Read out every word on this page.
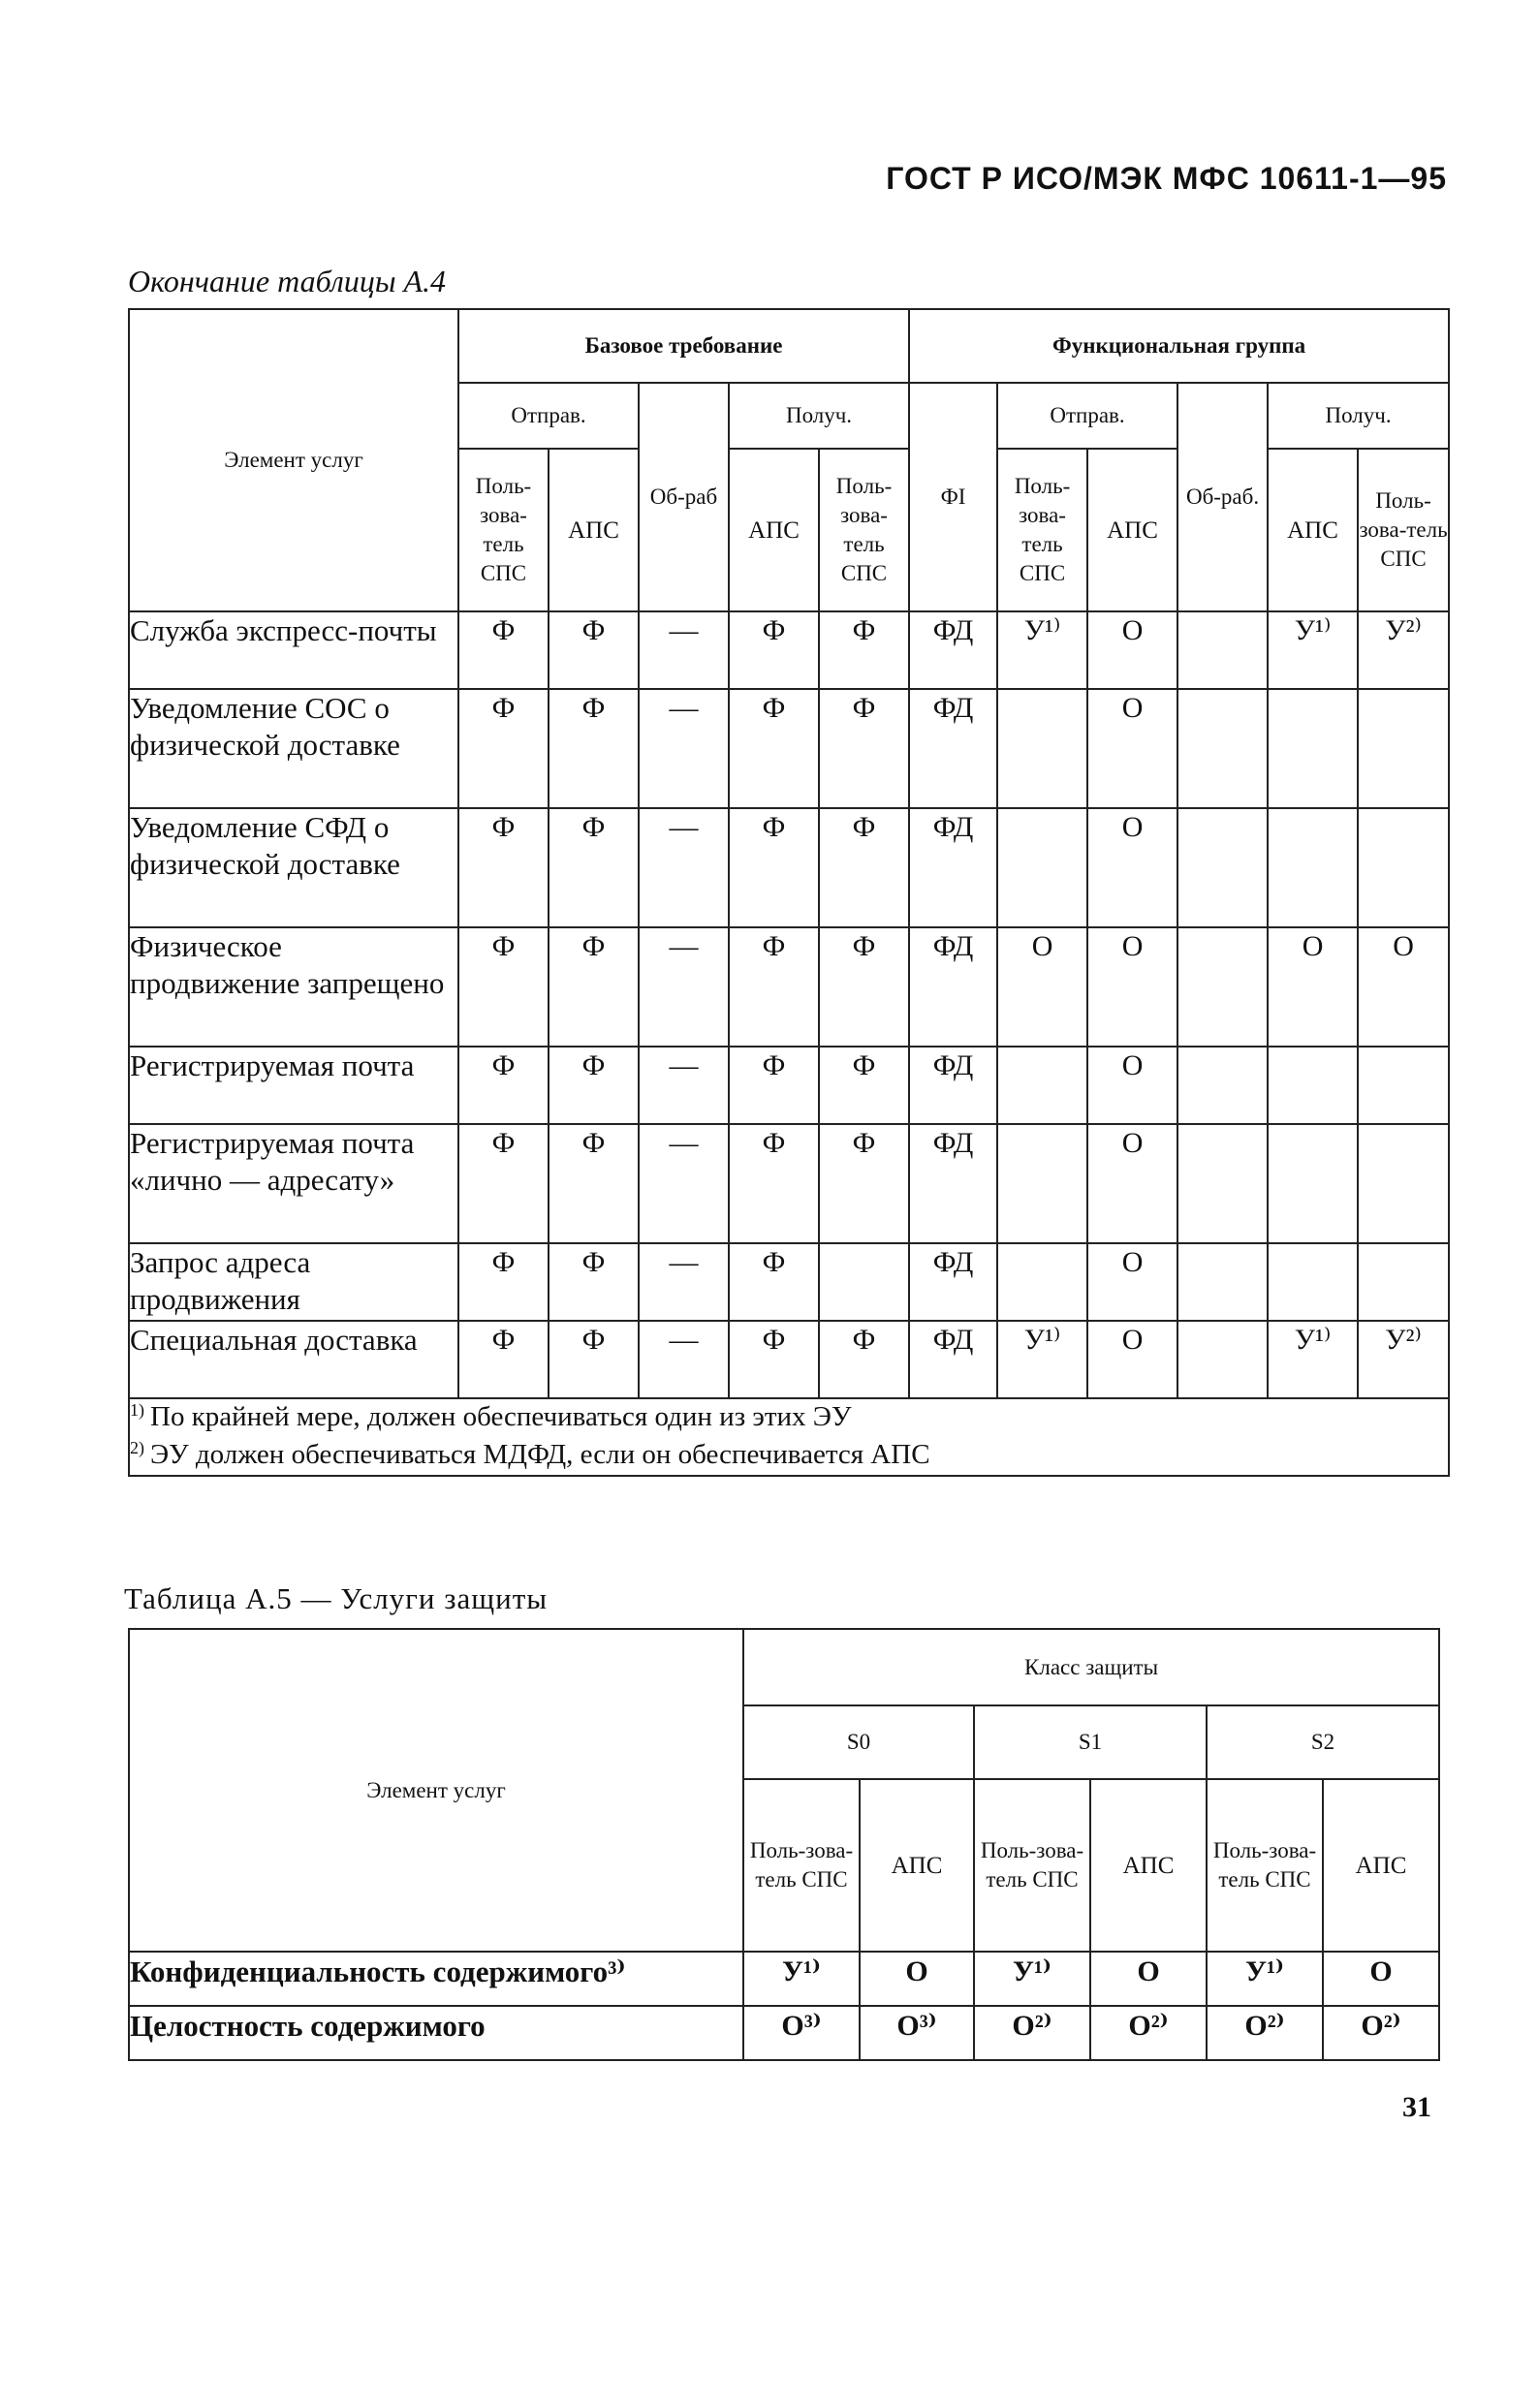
ГОСТ Р ИСО/МЭК МФС 10611-1—95
Окончание таблицы А.4
Элемент услуг	Базовое требование					Функциональная группа					
	Отправ.		Об-раб	Получ.		ФI	Отправ.		Об-раб.	Получ.	
	Поль-зова-тель СПС	АПС		АПС	Поль-зова-тель СПС		Поль-зова-тель СПС	АПС		АПС	Поль-зова-тель СПС
Служба экспресс-почты	Ф	Ф	—	Ф	Ф	ФД	У¹⁾	О		У¹⁾	У²⁾
Уведомление СОС о физической доставке	Ф	Ф	—	Ф	Ф	ФД		О			
Уведомление СФД о физической доставке	Ф	Ф	—	Ф	Ф	ФД		О			
Физическое продвижение запрещено	Ф	Ф	—	Ф	Ф	ФД	О	О		О	О
Регистрируемая почта	Ф	Ф	—	Ф	Ф	ФД		О			
Регистрируемая почта «лично — адресату»	Ф	Ф	—	Ф	Ф	ФД		О			
Запрос адреса продвижения	Ф	Ф	—	Ф		ФД		О			
Специальная доставка	Ф	Ф	—	Ф	Ф	ФД	У¹⁾	О		У¹⁾	У²⁾

$^{1)}$ По крайней мере, должен обеспечиваться один из этих ЭУ
$^{2)}$ ЭУ должен обеспечиваться МДФД, если он обеспечивается АПС											
Таблица А.5 — Услуги защиты
Элемент услуг	Класс защиты					
	S0		S1		S2	
	Поль-зова-тель СПС	АПС	Поль-зова-тель СПС	АПС	Поль-зова-тель СПС	АПС
Конфиденциальность содержимого³⁾	У¹⁾	О	У¹⁾	О	У¹⁾	О
Целостность содержимого	О³⁾	О³⁾	О²⁾	О²⁾	О²⁾	О²⁾
31
